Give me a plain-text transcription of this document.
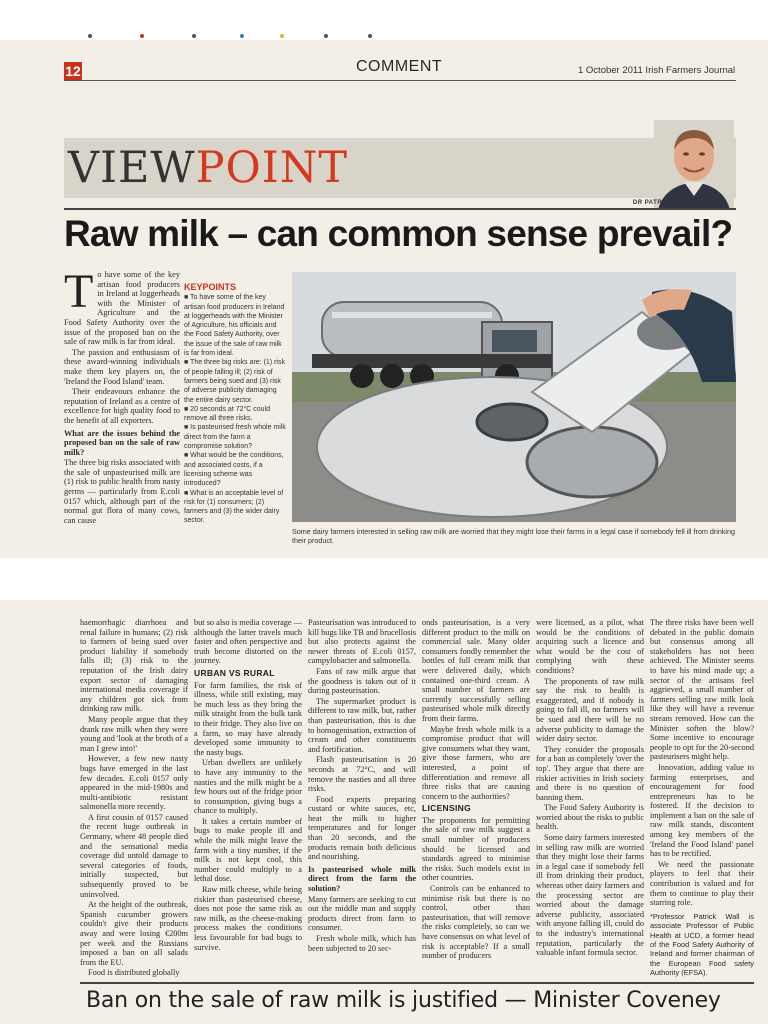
12	COMMENT	1 October 2011 Irish Farmers Journal
VIEWPOINT
DR PATRICK WALL*
Raw milk – can common sense prevail?

To have some of the key artisan food producers in Ireland at loggerheads with the Minister of Agriculture and the Food Safety Authority over the issue of the proposed ban on the sale of raw milk is far from ideal.

The passion and enthusiasm of these award-winning individuals make them key players on, the 'Ireland the Food Island' team.

Their endeavours enhance the reputation of Ireland as a centre of excellence for high quality food to the benefit of all exporters.

What are the issues behind the proposed ban on the sale of raw milk?

The three big risks associated with the sale of unpasteurised milk are (1) risk to public health from nasty germs — particularly from E.coli 0157 which, although part of the normal gut flora of many cows, can cause

KEYPOINTS
■ To have some of the key artisan food producers in Ireland at loggerheads with the Minister of Agriculture, his officials and the Food Safety Authority, over the issue of the sale of raw milk is far from ideal.
■ The three big risks are: (1) risk of people falling ill; (2) risk of farmers being sued and (3) risk of adverse publicity damaging the entire dairy sector.
■ 20 seconds at 72°C could remove all three risks.
■ Is pasteurised fresh whole milk direct from the farm a compromise solution?
■ What would be the conditions, and associated costs, if a licensing scheme was introduced?
■ What is an acceptable level of risk for (1) consumers; (2) farmers and (3) the wider dairy sector.
Some dairy farmers interested in selling raw milk are worried that they might lose their farms in a legal case if somebody fell ill from drinking their product.

haemorrhagic diarrhoea and renal failure in humans; (2) risk to farmers of being sued over product liability if somebody falls ill; (3) risk to the reputation of the Irish dairy export sector of damaging international media coverage if any children got sick from drinking raw milk.

Many people argue that they drank raw milk when they were young and 'look at the broth of a man I grew into!'

However, a few new nasty bugs have emerged in the last few decades. E.coli 0157 only appeared in the mid-1980s and multi-antibiotic resistant salmonella more recently.

A first cousin of 0157 caused the recent huge outbreak in Germany, where 48 people died and the sensational media coverage did untold damage to several categories of foods, initially suspected, but subsequently proved to be uninvolved.

At the height of the outbreak, Spanish cucumber growers couldn't give their products away and were losing €200m per week and the Russians imposed a ban on all salads from the EU.

Food is distributed globally

but so also is media coverage — although the latter travels much faster and often perspective and truth become distorted on the journey.

URBAN VS RURAL

For farm families, the risk of illness, while still existing, may be much less as they bring the milk straight from the bulk tank to their fridge. They also live on a farm, so may have already developed some immunity to the nasty bugs.

Urban dwellers are unlikely to have any immunity to the nasties and the milk might be a few hours out of the fridge prior to consumption, giving bugs a chance to multiply.

It takes a certain number of bugs to make people ill and while the milk might leave the farm with a tiny number, if the milk is not kept cool, this number could multiply to a lethal dose.

Raw milk cheese, while being riskier than pasteurised cheese, does not pose the same risk as raw milk, as the cheese-making process makes the conditions less favourable for bad bugs to survive.

Pasteurisation was introduced to kill bugs like TB and brucellosis but also protects against the newer threats of E.coli 0157, campylobacter and salmonella.

Fans of raw milk argue that the goodness is taken out of it during pasteurisation.

The supermarket product is different to raw milk, but, rather than pasteurisation, this is due to homogenisation, extraction of cream and other constituents and fortification.

Flash pasteurisation is 20 seconds at 72°C, and will remove the nasties and all three risks.

Food experts preparing custard or white sauces, etc, heat the milk to higher temperatures and for longer than 20 seconds, and the products remain both delicious and nourishing.

Is pasteurised whole milk direct from the farm the solution?

Many farmers are seeking to cut out the middle man and supply products direct from farm to consumer.

Fresh whole milk, which has been subjected to 20 sec-

onds pasteurisation, is a very different product to the milk on commercial sale. Many older consumers fondly remember the bottles of full cream milk that were delivered daily, which contained one-third cream. A small number of farmers are currently successfully selling pasteurised whole milk directly from their farms.

Maybe fresh whole milk is a compromise product that will give consumers what they want, give those farmers, who are interested, a point of differentiation and remove all three risks that are causing concern to the authorities?

LICENSING

The proponents for permitting the sale of raw milk suggest a small number of producers should be licensed and standards agreed to minimise the risks. Such models exist in other countries.

Controls can be enhanced to minimise risk but there is no control, other than pasteurisation, that will remove the risks completely, so can we have consensus on what level of risk is acceptable? If a small number of producers

were licensed, as a pilot, what would be the conditions of acquiring such a licence and what would be the cost of complying with these conditions?

The proponents of raw milk say the risk to health is exaggerated, and if nobody is going to fall ill, no farmers will be sued and there will be no adverse publicity to damage the wider dairy sector.

They consider the proposals for a ban as completely 'over the top'. They argue that there are riskier activities in Irish society and there is no question of banning them.

The Food Safety Authority is worried about the risks to public health.

Some dairy farmers interested in selling raw milk are worried that they might lose their farms in a legal case if somebody fell ill from drinking their product, whereas other dairy farmers and the processing sector are worried about the damage adverse publicity, associated with anyone falling ill, could do to the industry's international reputation, particularly the valuable infant formula sector.

The three risks have been well debated in the public domain but consensus among all stakeholders has not been achieved. The Minister seems to have his mind made up; a sector of the artisans feel aggrieved, a small number of farmers selling raw milk look like they will have a revenue stream removed. How can the Minister soften the blow? Some incentive to encourage people to opt for the 20-second pasteurisers might help.

Innovation, adding value to farming enterprises, and encouragement for food entrepreneurs has to be fostered. If the decision to implement a ban on the sale of raw milk stands, discontent among key members of the 'Ireland the Food Island' panel has to be rectified.

We need the passionate players to feel that their contribution is valued and for them to continue to play their starring role.

*Professor Patrick Wall is associate Professor of Public Health at UCD, a former head of the Food Safety Authority of Ireland and former chairman of the European Food safety Authority (EFSA).

Ban on the sale of raw milk is justified — Minister Coveney
